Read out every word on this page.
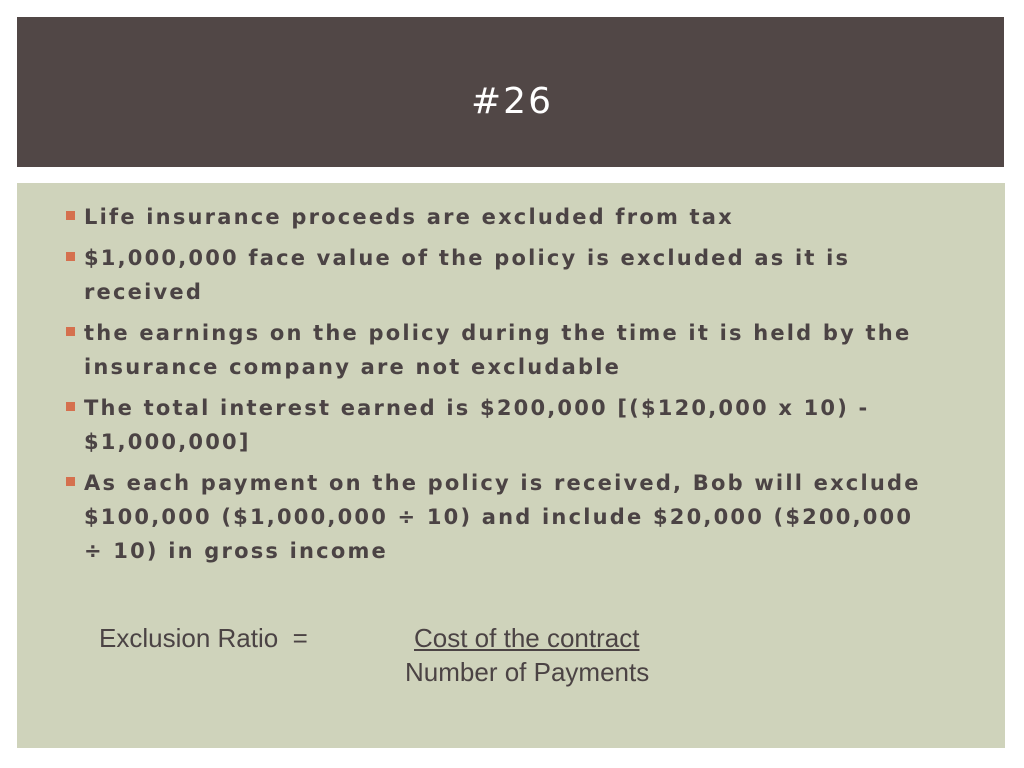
#26
Life insurance proceeds are excluded from tax
$1,000,000 face value of the policy is excluded as it is received
the earnings on the policy during the time it is held by the insurance company are not excludable
The total interest earned is $200,000 [($120,000 x 10) - $1,000,000]
As each payment on the policy is received, Bob will exclude $100,000 ($1,000,000 ÷ 10) and include $20,000 ($200,000 ÷ 10) in gross income
Exclusion Ratio  =	Cost of the contract
Number of Payments
